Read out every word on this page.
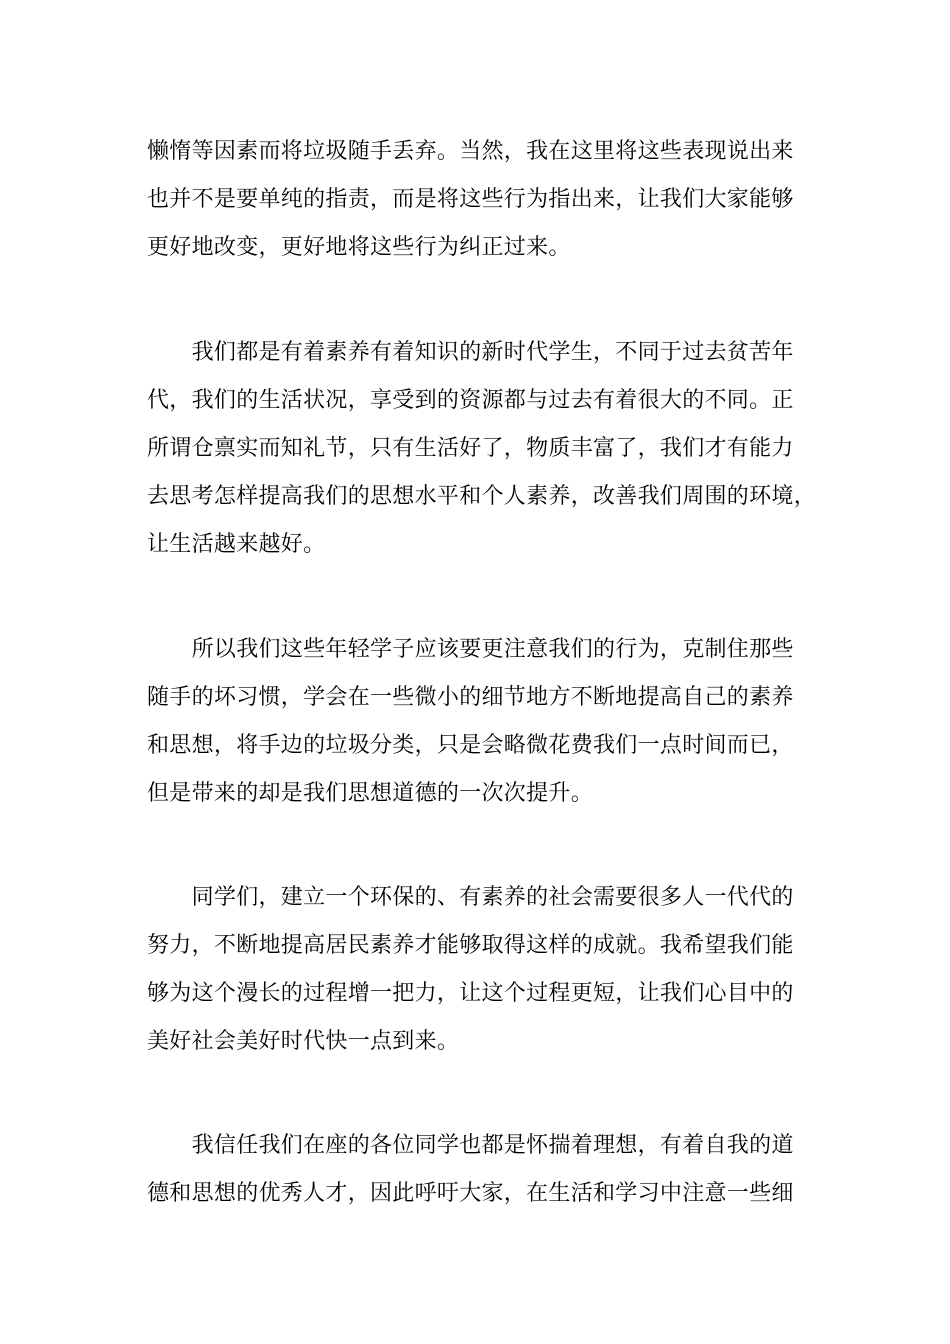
懒惰等因素而将垃圾随手丢弃。当然，我在这里将这些表现说出来
也并不是要单纯的指责，而是将这些行为指出来，让我们大家能够
更好地改变，更好地将这些行为纠正过来。
　　我们都是有着素养有着知识的新时代学生，不同于过去贫苦年
代，我们的生活状况，享受到的资源都与过去有着很大的不同。正
所谓仓禀实而知礼节，只有生活好了，物质丰富了，我们才有能力
去思考怎样提高我们的思想水平和个人素养，改善我们周围的环境，
让生活越来越好。
　　所以我们这些年轻学子应该要更注意我们的行为，克制住那些
随手的坏习惯，学会在一些微小的细节地方不断地提高自己的素养
和思想，将手边的垃圾分类，只是会略微花费我们一点时间而已，
但是带来的却是我们思想道德的一次次提升。
　　同学们，建立一个环保的、有素养的社会需要很多人一代代的
努力，不断地提高居民素养才能够取得这样的成就。我希望我们能
够为这个漫长的过程增一把力，让这个过程更短，让我们心目中的
美好社会美好时代快一点到来。
　　我信任我们在座的各位同学也都是怀揣着理想，有着自我的道
德和思想的优秀人才，因此呼吁大家，在生活和学习中注意一些细
